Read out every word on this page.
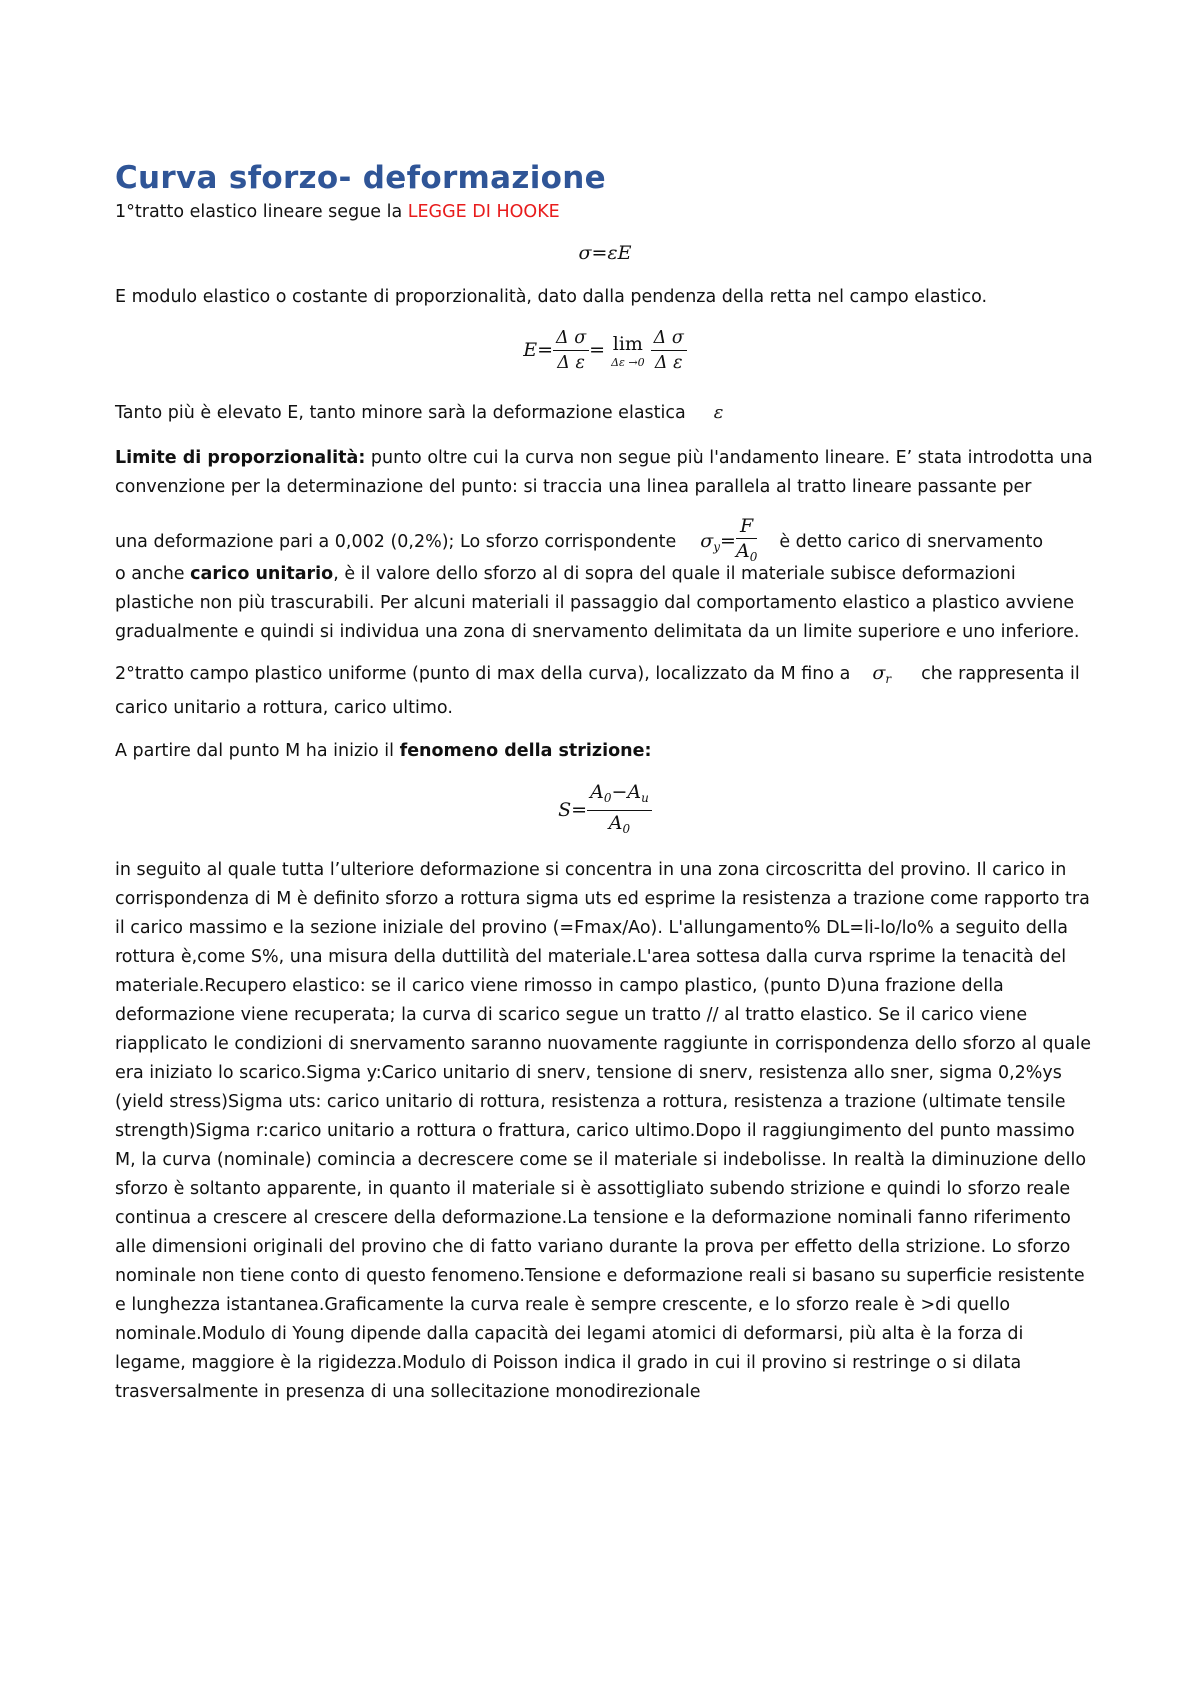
Curva sforzo- deformazione

1°tratto elastico lineare segue la LEGGE DI HOOKE

σ=εE

E modulo elastico o costante di proporzionalità, dato dalla pendenza della retta nel campo elastico.

$E= \frac{\text{Δ σ}}{\text{Δ ε}} = \lim$
$\Delta\varepsilon \to 0 \frac{\text{Δ σ}}{\text{Δ ε}}$

Tanto più è elevato E, tanto minore sarà la deformazione elastica ε

Limite di proporzionalità: punto oltre cui la curva non segue più l'andamento lineare. E’ stata introdotta una convenzione per la determinazione del punto: si traccia una linea parallela al tratto lineare passante per

una deformazione pari a 0,002 (0,2%); Lo sforzo corrispondente $\sigma_y= \frac{F}{A_0}$ è detto carico di snervamento

o anche carico unitario, è il valore dello sforzo al di sopra del quale il materiale subisce deformazioni plastiche non più trascurabili. Per alcuni materiali il passaggio dal comportamento elastico a plastico avviene gradualmente e quindi si individua una zona di snervamento delimitata da un limite superiore e uno inferiore.

2°tratto campo plastico uniforme (punto di max della curva), localizzato da M fino a $\sigma_r$ che rappresenta il carico unitario a rottura, carico ultimo.

A partire dal punto M ha inizio il fenomeno della strizione:

$S= \frac{A_0-A_u}{A_0}$

in seguito al quale tutta l’ulteriore deformazione si concentra in una zona circoscritta del provino. Il carico in corrispondenza di M è definito sforzo a rottura sigma uts ed esprime la resistenza a trazione come rapporto tra il carico massimo e la sezione iniziale del provino (=Fmax/Ao). L'allungamento% DL=li-lo/lo% a seguito della rottura è,come S%, una misura della duttilità del materiale.L'area sottesa dalla curva rsprime la tenacità del materiale.Recupero elastico: se il carico viene rimosso in campo plastico, (punto D)una frazione della deformazione viene recuperata; la curva di scarico segue un tratto // al tratto elastico. Se il carico viene riapplicato le condizioni di snervamento saranno nuovamente raggiunte in corrispondenza dello sforzo al quale era iniziato lo scarico.Sigma y:Carico unitario di snerv, tensione di snerv, resistenza allo sner, sigma 0,2%ys (yield stress)Sigma uts: carico unitario di rottura, resistenza a rottura, resistenza a trazione (ultimate tensile strength)Sigma r:carico unitario a rottura o frattura, carico ultimo.Dopo il raggiungimento del punto massimo M, la curva (nominale) comincia a decrescere come se il materiale si indebolisse. In realtà la diminuzione dello sforzo è soltanto apparente, in quanto il materiale si è assottigliato subendo strizione e quindi lo sforzo reale continua a crescere al crescere della deformazione.La tensione e la deformazione nominali fanno riferimento alle dimensioni originali del provino che di fatto variano durante la prova per effetto della strizione. Lo sforzo nominale non tiene conto di questo fenomeno.Tensione e deformazione reali si basano su superficie resistente e lunghezza istantanea.Graficamente la curva reale è sempre crescente, e lo sforzo reale è >di quello nominale.Modulo di Young dipende dalla capacità dei legami atomici di deformarsi, più alta è la forza di legame, maggiore è la rigidezza.Modulo di Poisson indica il grado in cui il provino si restringe o si dilata trasversalmente in presenza di una sollecitazione monodirezionale
